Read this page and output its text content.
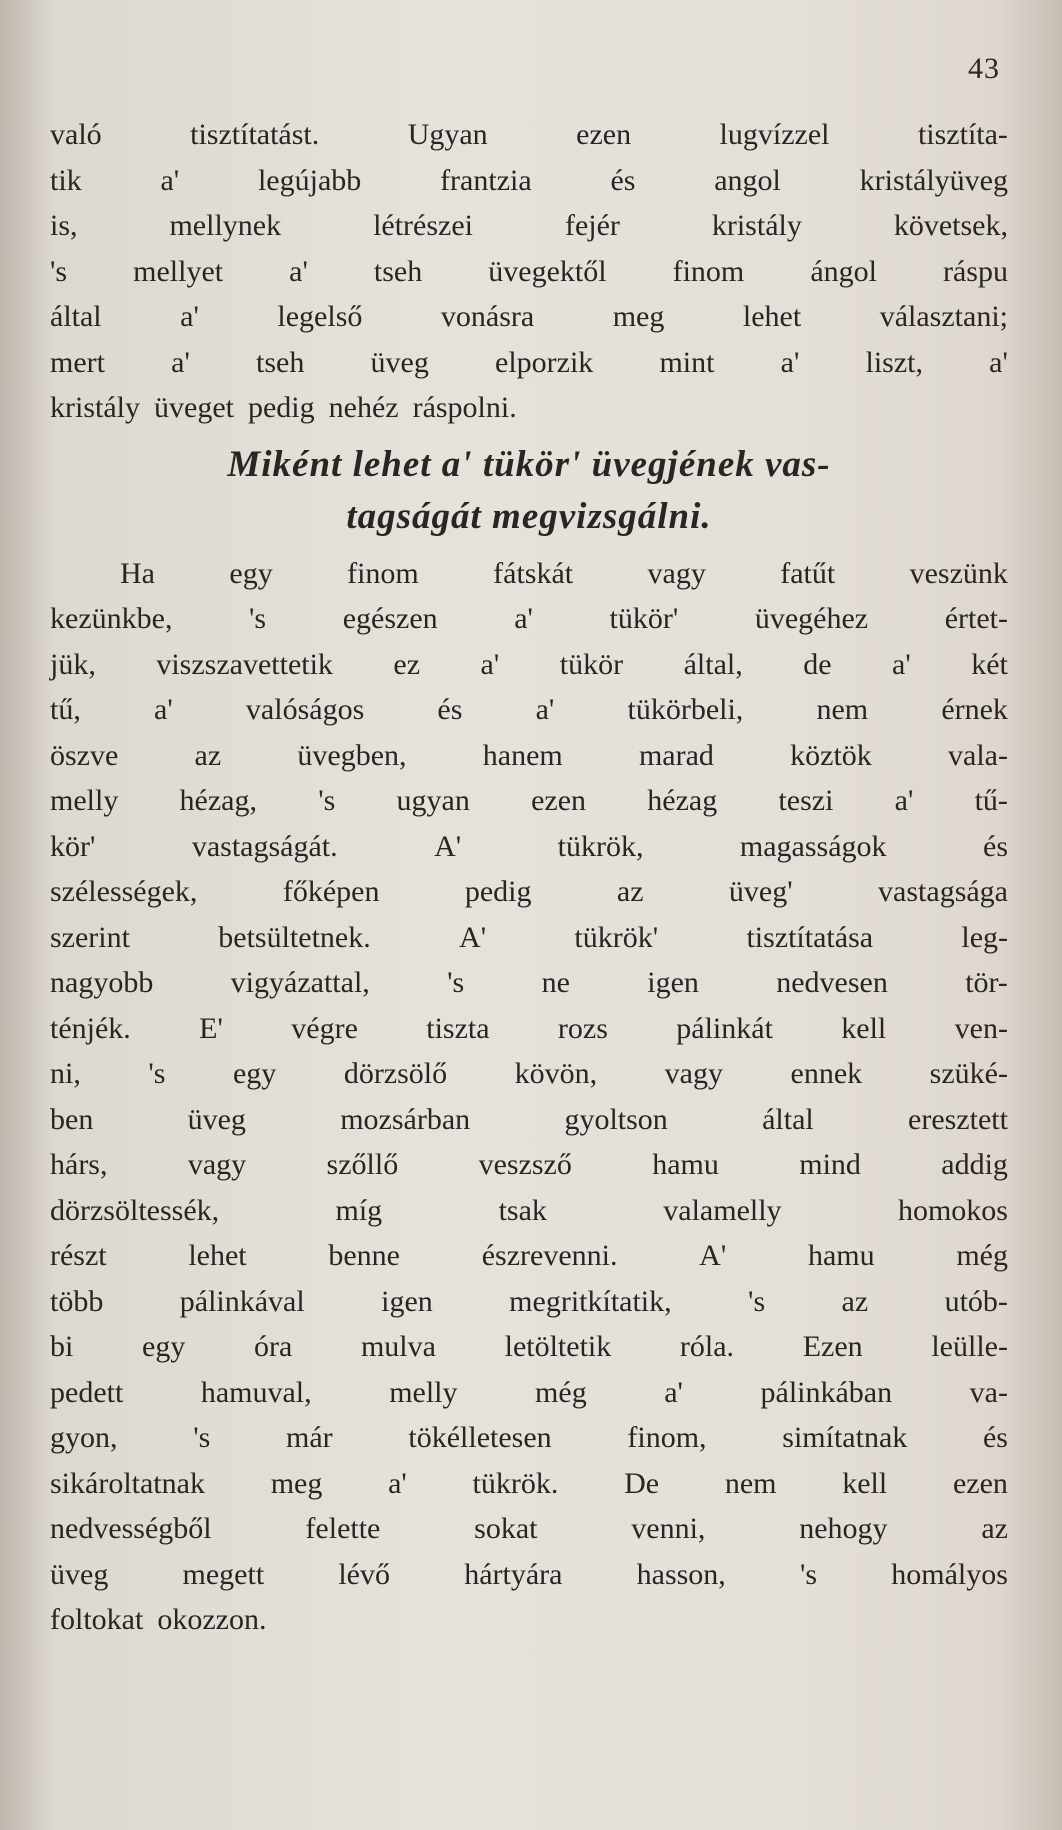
43
való	tisztítatást.	Ugyan	ezen	lugvízzel	tisztíta-
tik	a'	legújabb	frantzia	és	angol	kristályüveg
is,	mellynek	létrészei	fejér	kristály	követsek,
's mellyet a' tseh üvegektől finom ángol ráspu
által	a'	legelső	vonásra	meg	lehet	választani;
mert a' tseh üveg elporzik mint a' liszt, a'
kristály üveget pedig nehéz ráspolni.
Miként lehet a' tükör' üvegjének vas-
tagságát megvizsgálni.
Ha egy finom fátskát vagy fatűt veszünk
kezünkbe,	's	egészen	a'	tükör'	üvegéhez	értet-
jük, viszszavettetik ez a' tükör által, de a' két
tű, a' valóságos és a' tükörbeli, nem érnek
öszve	az	üvegben,	hanem	marad	köztök	vala-
melly hézag, 's ugyan ezen hézag teszi a' tű-
kör'	vastagságát.	A'	tükrök,	magasságok	és
szélességek,	főképen	pedig	az	üveg'	vastagsága
szerint	betsültetnek.	A'	tükrök'	tisztítatása	leg-
nagyobb	vigyázattal,	's	ne	igen	nedvesen	tör-
ténjék. E' végre tiszta rozs pálinkát kell ven-
ni, 's egy dörzsölő kövön, vagy ennek szüké-
ben	üveg	mozsárban	gyoltson	által	eresztett
hárs,	vagy	szőllő	veszsző	hamu	mind	addig
dörzsöltessék,	míg	tsak	valamelly	homokos
részt	lehet	benne	észrevenni.	A'	hamu	még
több	pálinkával	igen	megritkítatik,	's	az	utób-
bi egy óra mulva letöltetik róla. Ezen leülle-
pedett	hamuval,	melly	még	a'	pálinkában	va-
gyon,	's	már	tökélletesen	finom,	simítatnak	és
sikároltatnak meg a' tükrök. De nem kell ezen
nedvességből	felette	sokat	venni,	nehogy	az
üveg megett lévő hártyára hasson, 's homályos
foltokat okozzon.
